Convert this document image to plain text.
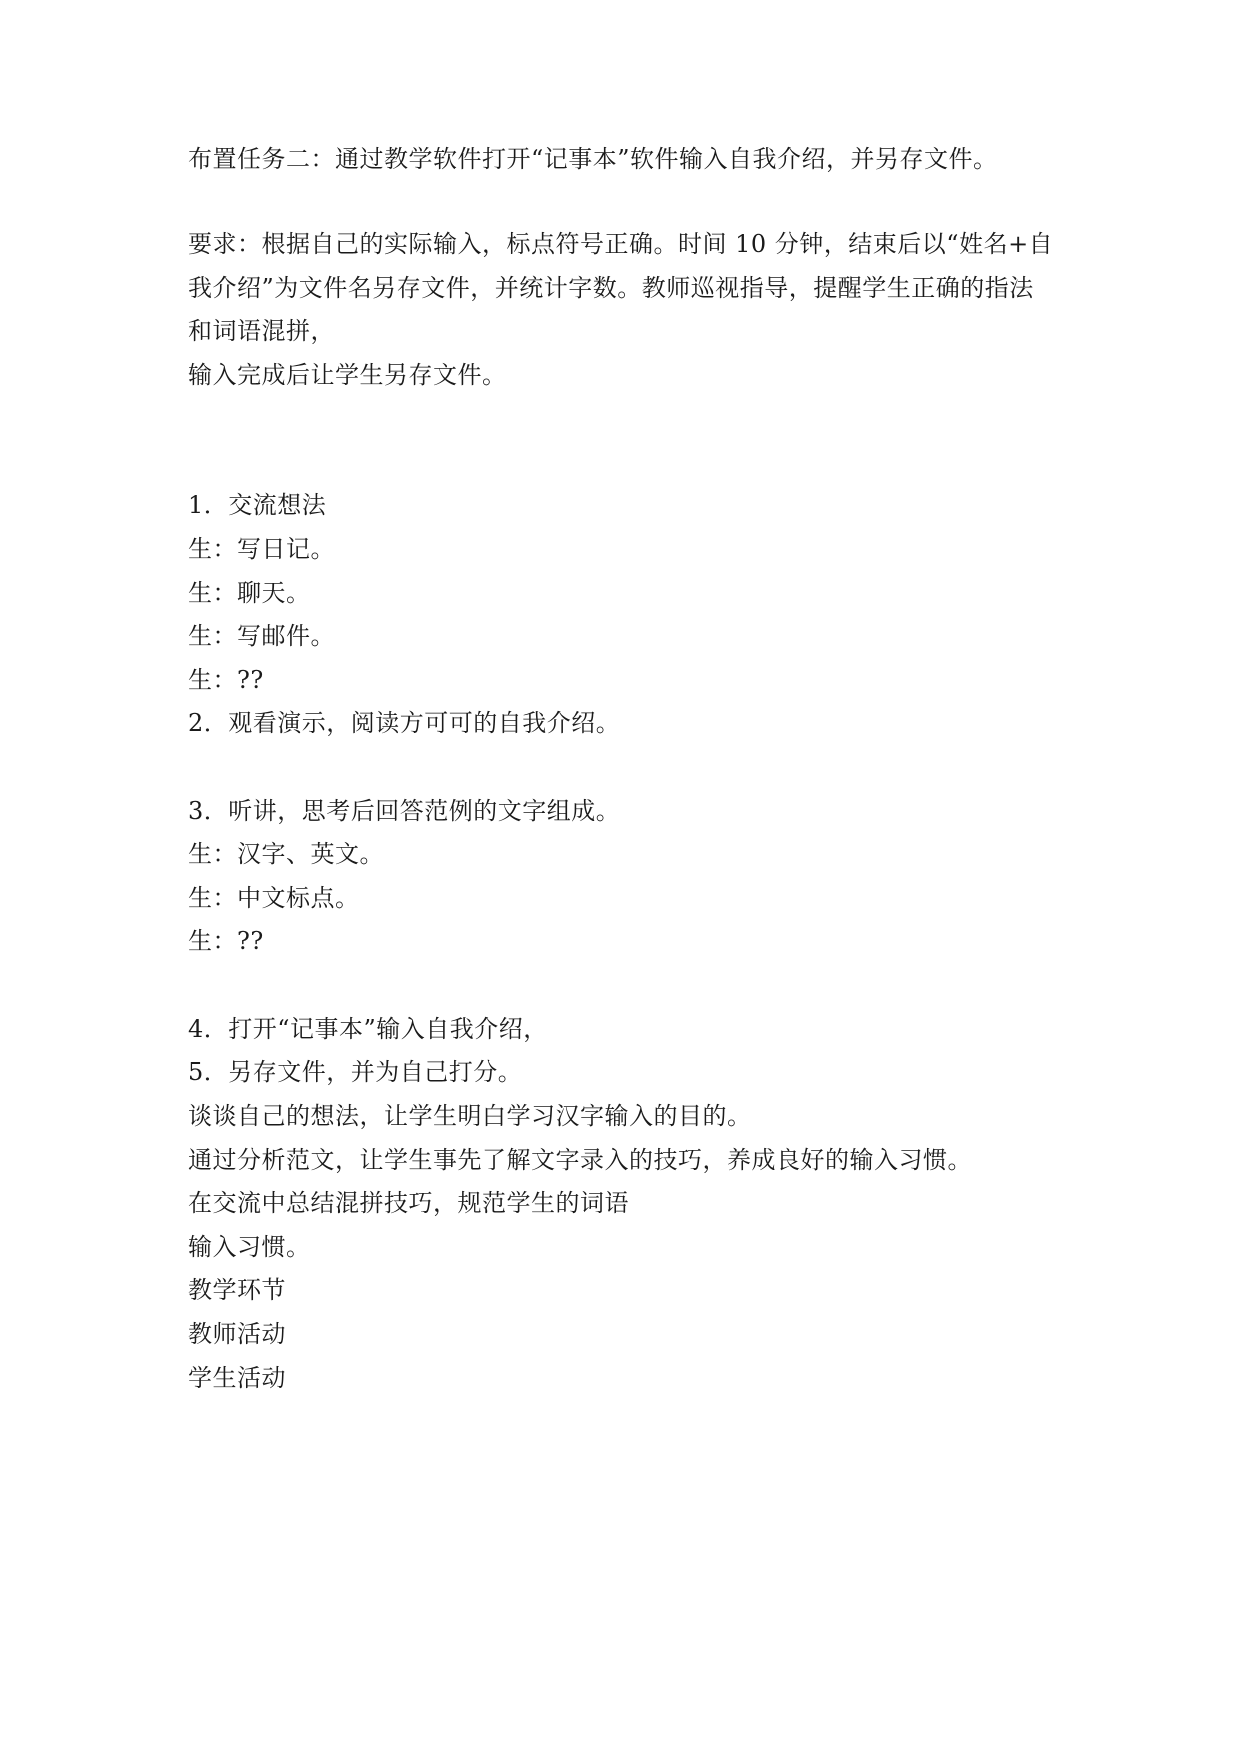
布置任务二：通过教学软件打开“记事本”软件输入自我介绍，并另存文件。
要求：根据自己的实际输入，标点符号正确。时间 10 分钟，结束后以“姓名+自
我介绍”为文件名另存文件，并统计字数。教师巡视指导，提醒学生正确的指法
和词语混拼，
输入完成后让学生另存文件。
1．交流想法
生：写日记。
生：聊天。
生：写邮件。
生：??
2．观看演示，阅读方可可的自我介绍。
3．听讲，思考后回答范例的文字组成。
生：汉字、英文。
生：中文标点。
生：??
4．打开“记事本”输入自我介绍，
5．另存文件，并为自己打分。
谈谈自己的想法，让学生明白学习汉字输入的目的。
通过分析范文，让学生事先了解文字录入的技巧，养成良好的输入习惯。
在交流中总结混拼技巧，规范学生的词语
输入习惯。
教学环节
教师活动
学生活动
